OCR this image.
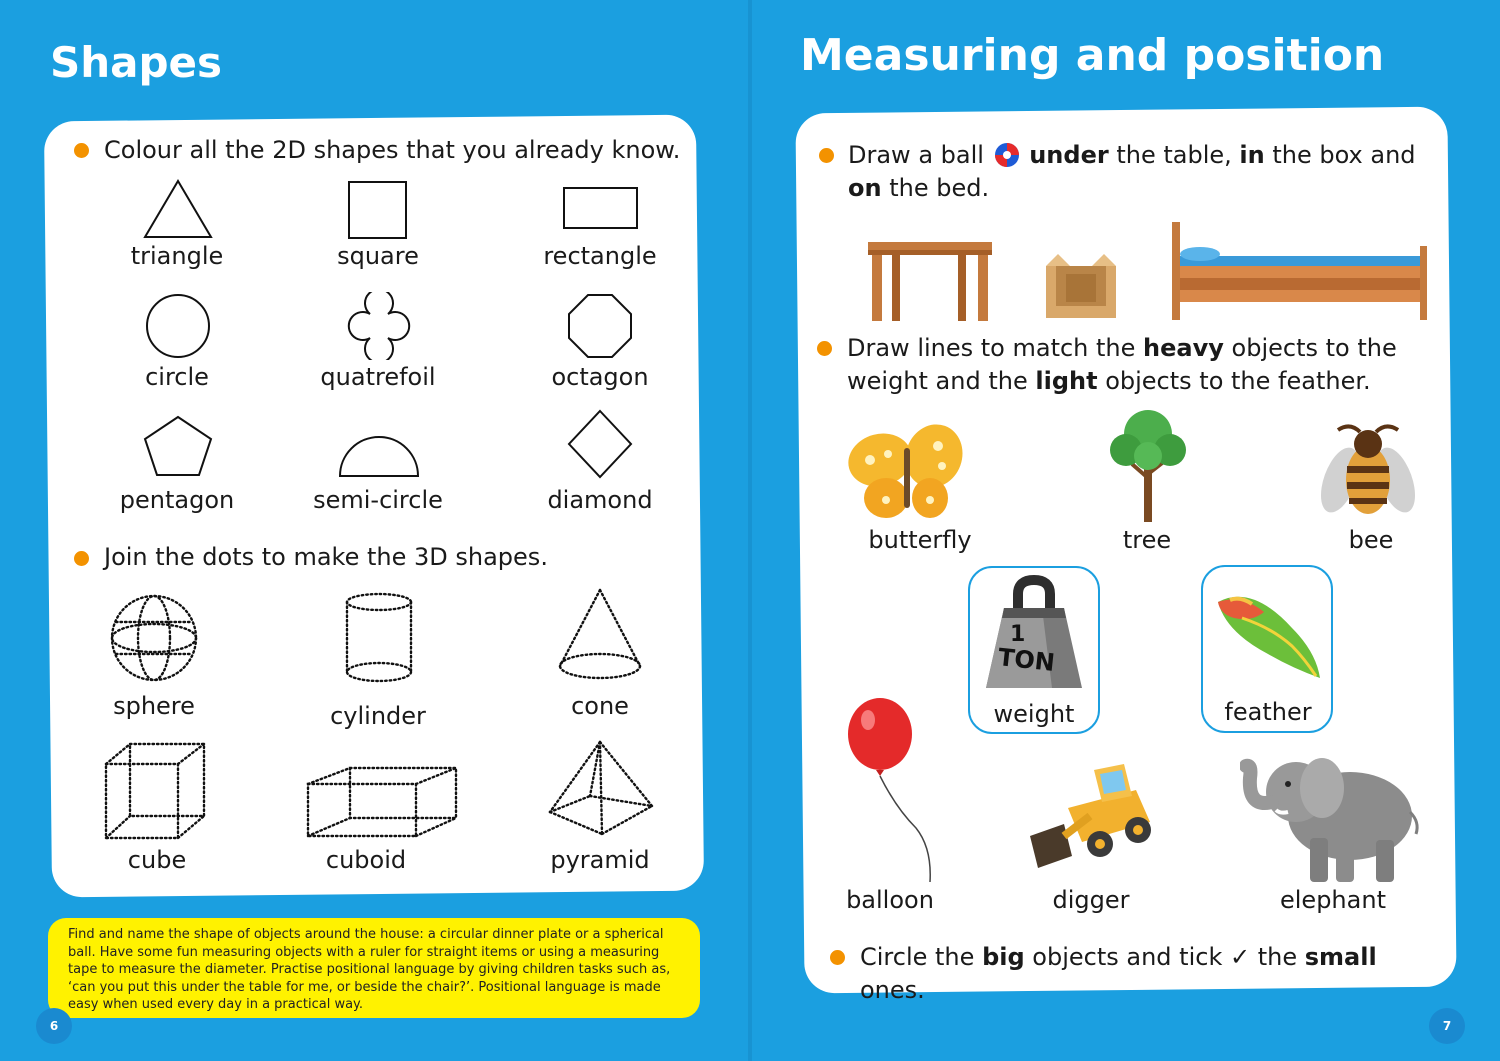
Shapes
Colour all the 2D shapes that you already know.
triangle	square	rectangle
circle	quatrefoil	octagon
pentagon	semi-circle	diamond
Join the dots to make the 3D shapes.
sphere	cylinder	cone
cube	cuboid	pyramid
Find and name the shape of objects around the house: a circular dinner plate or a spherical ball. Have some fun measuring objects with a ruler for straight items or using a measuring tape to measure the diameter. Practise positional language by giving children tasks such as, ‘can you put this under the table for me, or beside the chair?’. Positional language is made easy when used every day in a practical way.
6
Measuring and position
Draw a ball under the table, in the box and
on the bed.
Draw lines to match the heavy objects to the
weight and the light objects to the feather.
butterfly	tree	bee
1
TON
weight	feather
balloon	digger	elephant
Circle the big objects and tick ✓ the small ones.
7
